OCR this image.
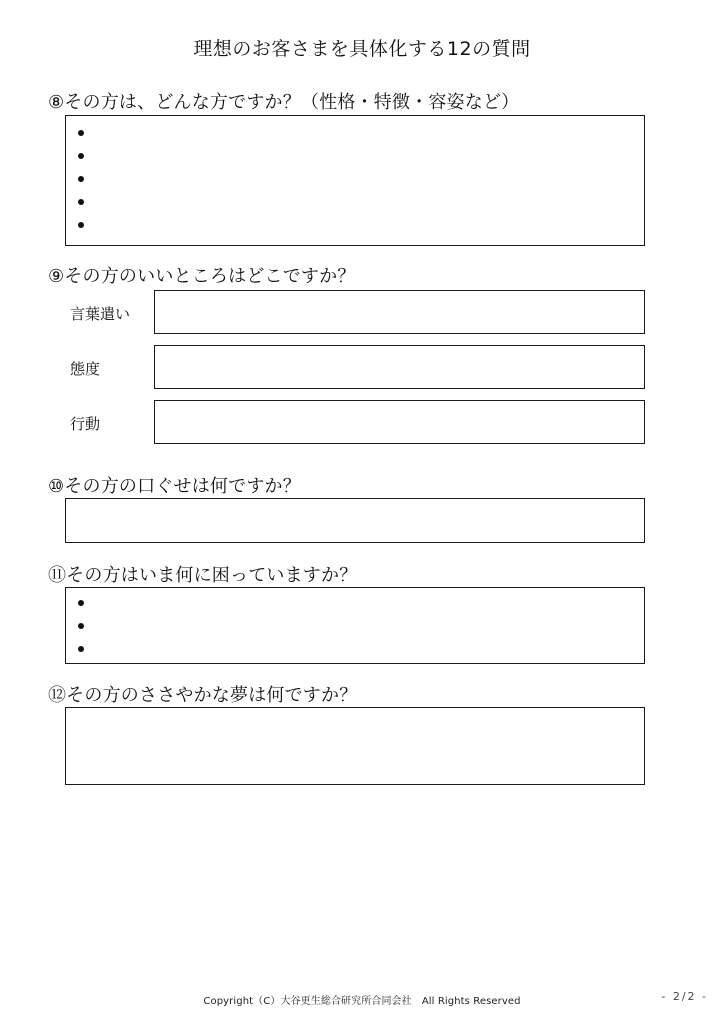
理想のお客さまを具体化する12の質問
⑧その方は、どんな方ですか？（性格・特徴・容姿など）
⑨その方のいいところはどこですか？
言葉遣い
態度
行動
⑩その方の口ぐせは何ですか？
⑪その方はいま何に困っていますか？
⑫その方のささやかな夢は何ですか？
Copyright（C）大谷更生総合研究所合同会社　All Rights Reserved	- 2/2 -
